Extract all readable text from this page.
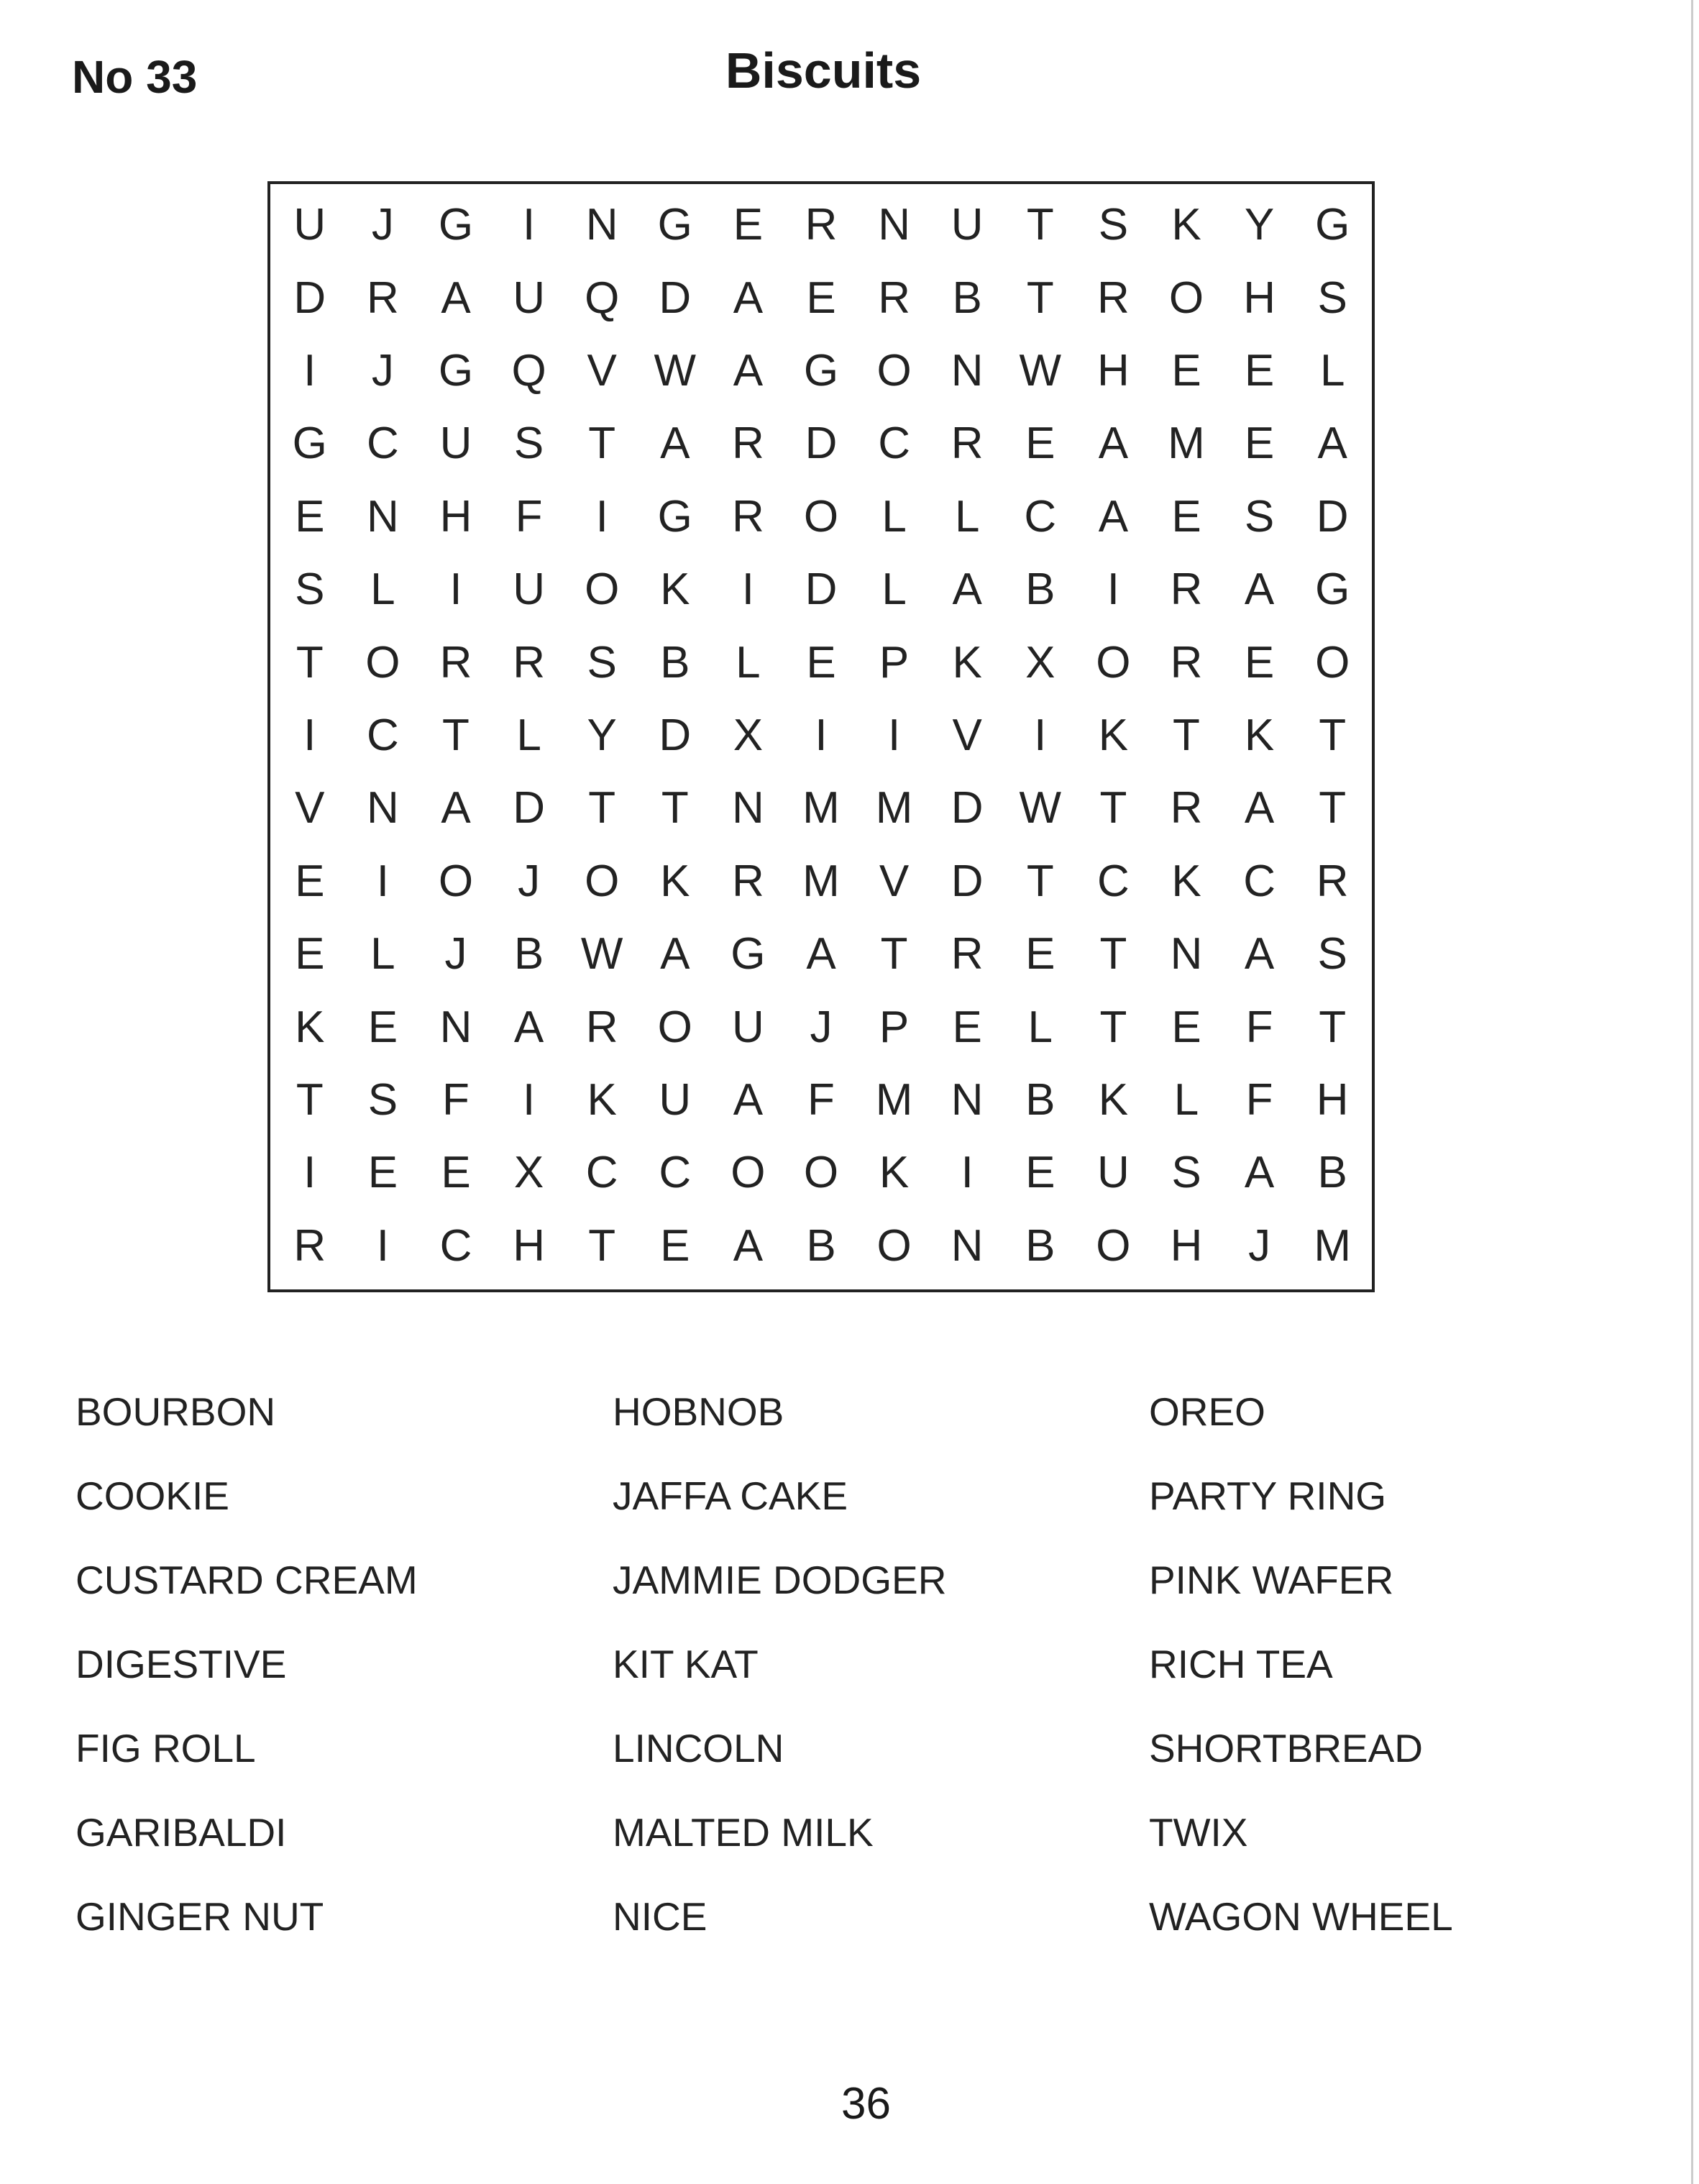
No 33	Biscuits
U	J G	I	N G E R N U T S K Y G
D R A U Q D A E R B T R O H S
I	J G Q V W A G O N W H E E	L
G C U S T A R D C R E A M E A
E N H F	I	G R O L	L C A E S D
S	L	I	U O K	I	D L	A B	I	R A G
T O R R S B	L	E P K X O R E O
I	C T	L	Y D X	I	I	V	I	K T K T
V N A D T	T N M M D W T R A T
E	I	O J O K R M V D T C K C R
E	L	J	B W A G A T R E T N A S
K E N A R O U	J	P E	L	T E F	T
T S F	I	K U A F M N B K	L	F H
I	E E X C C O O K	I	E U S A B
R	I	C H T E A B O N B O H	J M
BOURBON
COOKIE
CUSTARD CREAM
DIGESTIVE
FIG ROLL
GARIBALDI
GINGER NUT
HOBNOB
JAFFA CAKE
JAMMIE DODGER
KIT KAT
LINCOLN
MALTED MILK
NICE
OREO
PARTY RING
PINK WAFER
RICH TEA
SHORTBREAD
TWIX
WAGON WHEEL
36
